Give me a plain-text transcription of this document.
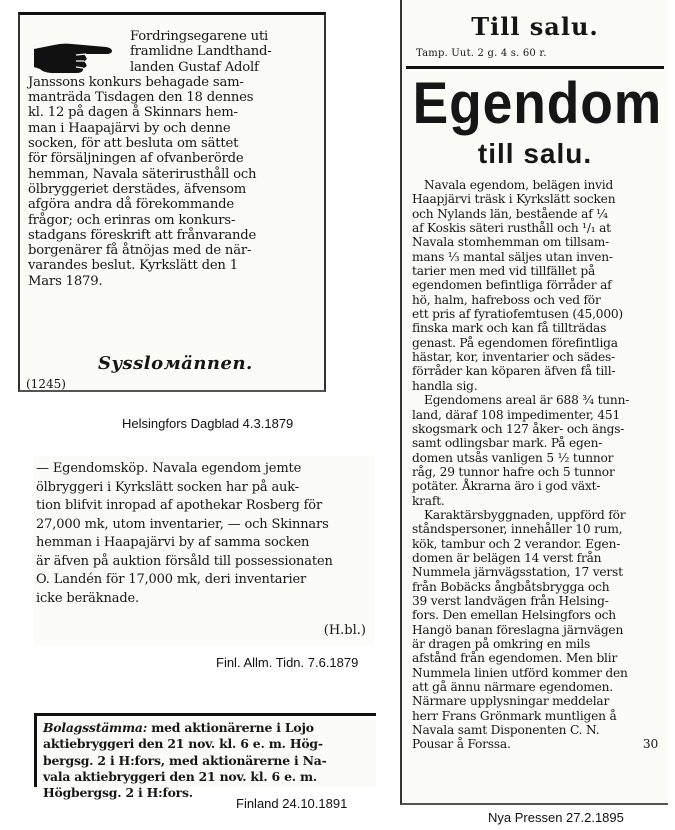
Fordringsegarene uti
framlidne Landthand-
landen Gustaf Adolf
Janssons konkurs behagade sam-
manträda Tisdagen den 18 dennes
kl. 12 på dagen å Skinnars hem-
man i Haapajärvi by och denne
socken, för att besluta om sättet
för försäljningen af ofvanberörde
hemman, Navala säterirusthåll och
ölbryggeriet derstädes, äfvensom
afgöra andra då förekommande
frågor; och erinras om konkurs-
stadgans föreskrift att frånvarande
borgenärer få åtnöjas med de när-
varandes beslut. Kyrkslätt den 1
Mars 1879.
Syssloмännen.
(1245)
Helsingfors Dagblad 4.3.1879
— Egendomsköp. Navala egendom jemte
ölbryggeri i Kyrkslätt socken har på auk-
tion blifvit inropad af apothekar Rosberg för
27,000 mk, utom inventarier, — och Skinnars
hemman i Haapajärvi by af samma socken
är äfven på auktion försåld till possessionaten
O. Landén för 17,000 mk, deri inventarier
icke beräknade.
(H.bl.)
Finl. Allm. Tidn. 7.6.1879
Bolagsstämma: med aktionärerne i Lojo
aktiebryggeri den 21 nov. kl. 6 e. m. Hög-
bergsg. 2 i H:fors, med aktionärerne i Na-
vala aktiebryggeri den 21 nov. kl. 6 e. m.
Högbergsg. 2 i H:fors.
Finland 24.10.1891
Till salu.
Tamp. Uut. 2 g. 4 s. 60 r.
Egendom
till salu.
Navala egendom, belägen invid
Haapjärvi träsk i Kyrkslätt socken
och Nylands län, bestående af ¼
af Koskis säteri rusthåll och ¹/₁ at
Navala stomhemman om tillsam-
mans ⅓ mantal säljes utan inven-
tarier men med vid tillfället på
egendomen befintliga förråder af
hö, halm, hafreboss och ved för
ett pris af fyratiofemtusen (45,000)
finska mark och kan få tillträdas
genast. På egendomen förefintliga
hästar, kor, inventarier och sädes-
förråder kan köparen äfven få till-
handla sig.
Egendomens areal är 688 ¾ tunn-
land, däraf 108 impedimenter, 451
skogsmark och 127 åker- och ängs-
samt odlingsbar mark. På egen-
domen utsås vanligen 5 ½ tunnor
råg, 29 tunnor hafre och 5 tunnor
potäter. Åkrarna äro i god växt-
kraft.
Karaktärsbyggnaden, uppförd för
ståndspersoner, innehåller 10 rum,
kök, tambur och 2 verandor. Egen-
domen är belägen 14 verst från
Nummela järnvägsstation, 17 verst
från Bobäcks ångbåtsbrygga och
39 verst landvägen från Helsing-
fors. Den emellan Helsingfors och
Hangö banan föreslagna järnvägen
är dragen på omkring en mils
afstånd från egendomen. Men blir
Nummela linien utförd kommer den
att gå ännu närmare egendomen.
Närmare upplysningar meddelar
herr Frans Grönmark muntligen å
Navala samt Disponenten C. N.
Pousar å Forssa.	30
Nya Pressen 27.2.1895
